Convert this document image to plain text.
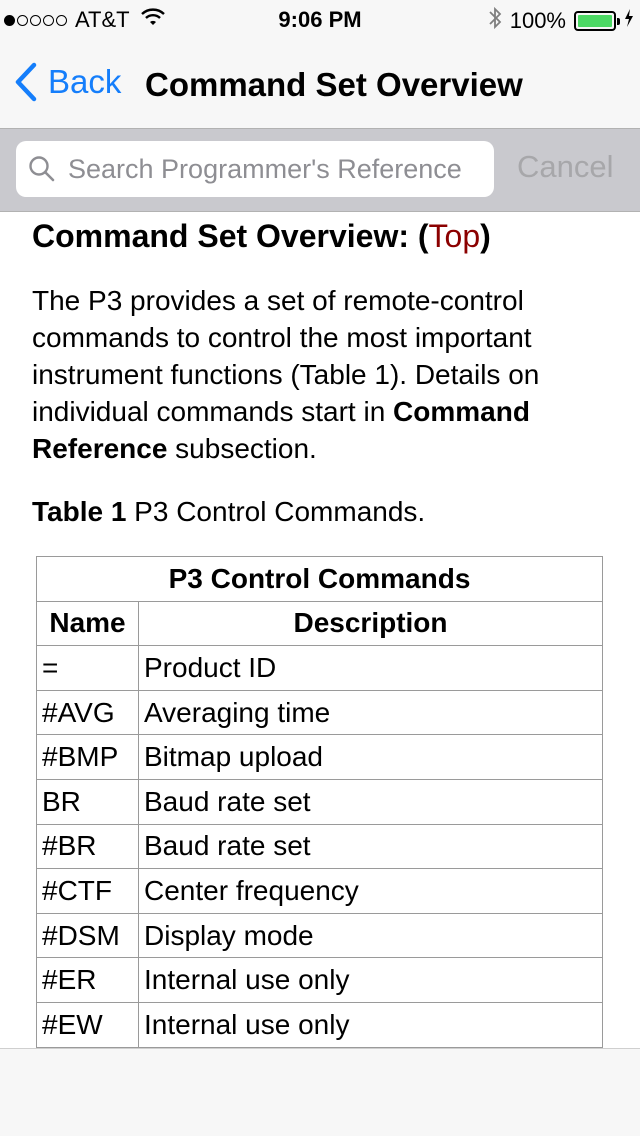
AT&T	9:06 PM	100%
Back Command Set Overview
Search Programmer's Reference
Cancel
Command Set Overview: (Top)

The P3 provides a set of remote-control commands to control the most important instrument functions (Table 1). Details on individual commands start in Command Reference subsection.

Table 1 P3 Control Commands.
P3 Control Commands	
Name	Description
=	Product ID
#AVG	Averaging time
#BMP	Bitmap upload
BR	Baud rate set
#BR	Baud rate set
#CTF	Center frequency
#DSM	Display mode
#ER	Internal use only
#EW	Internal use only
